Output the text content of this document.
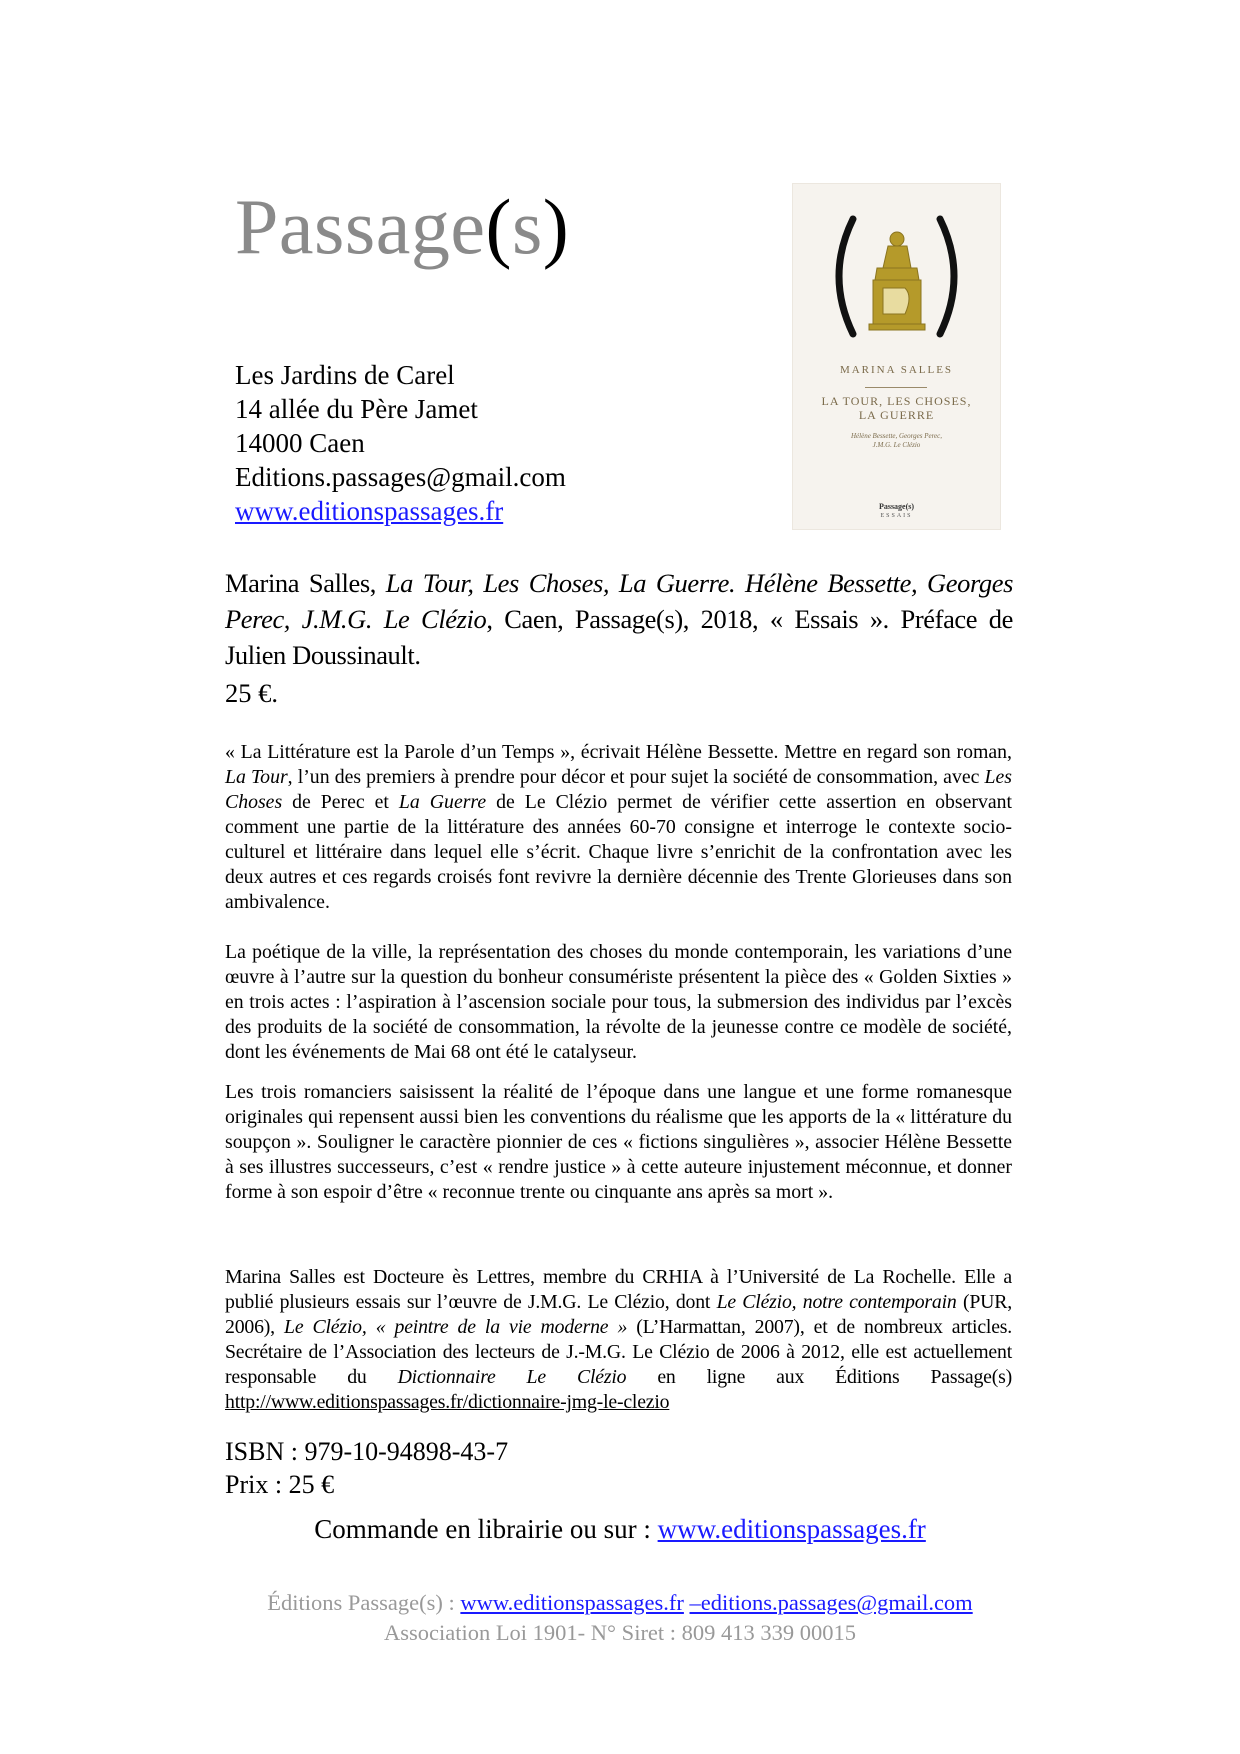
Passage(s)
Les Jardins de Carel
14 allée du Père Jamet
14000 Caen
Editions.passages@gmail.com
www.editionspassages.fr
MARINA SALLES
LA TOUR, LES CHOSES,
LA GUERRE
Hélène Bessette, Georges Perec,
J.M.G. Le Clézio
Passage(s)
ESSAIS
Marina Salles, La Tour, Les Choses, La Guerre. Hélène Bessette, Georges Perec, J.M.G. Le Clézio, Caen, Passage(s), 2018, « Essais ». Préface de Julien Doussinault.
25 €.
« La Littérature est la Parole d’un Temps », écrivait Hélène Bessette. Mettre en regard son roman, La Tour, l’un des premiers à prendre pour décor et pour sujet la société de consommation, avec Les Choses de Perec et La Guerre de Le Clézio permet de vérifier cette assertion en observant comment une partie de la littérature des années 60-70 consigne et interroge le contexte socio-culturel et littéraire dans lequel elle s’écrit. Chaque livre s’enrichit de la confrontation avec les deux autres et ces regards croisés font revivre la dernière décennie des Trente Glorieuses dans son ambivalence.
La poétique de la ville, la représentation des choses du monde contemporain, les variations d’une œuvre à l’autre sur la question du bonheur consumériste présentent la pièce des « Golden Sixties » en trois actes : l’aspiration à l’ascension sociale pour tous, la submersion des individus par l’excès des produits de la société de consommation, la révolte de la jeunesse contre ce modèle de société, dont les événements de Mai 68 ont été le catalyseur.
Les trois romanciers saisissent la réalité de l’époque dans une langue et une forme romanesque originales qui repensent aussi bien les conventions du réalisme que les apports de la « littérature du soupçon ». Souligner le caractère pionnier de ces « fictions singulières », associer Hélène Bessette à ses illustres successeurs, c’est « rendre justice » à cette auteure injustement méconnue, et donner forme à son espoir d’être « reconnue trente ou cinquante ans après sa mort ».
Marina Salles est Docteure ès Lettres, membre du CRHIA à l’Université de La Rochelle. Elle a publié plusieurs essais sur l’œuvre de J.M.G. Le Clézio, dont Le Clézio, notre contemporain (PUR, 2006), Le Clézio, « peintre de la vie moderne » (L’Harmattan, 2007), et de nombreux articles. Secrétaire de l’Association des lecteurs de J.-M.G. Le Clézio de 2006 à 2012, elle est actuellement responsable du Dictionnaire Le Clézio en ligne aux Éditions Passage(s) http://www.editionspassages.fr/dictionnaire-jmg-le-clezio
ISBN : 979-10-94898-43-7
Prix : 25 €
Commande en librairie ou sur : www.editionspassages.fr
Éditions Passage(s) : www.editionspassages.fr –editions.passages@gmail.com
Association Loi 1901- N° Siret : 809 413 339 00015
